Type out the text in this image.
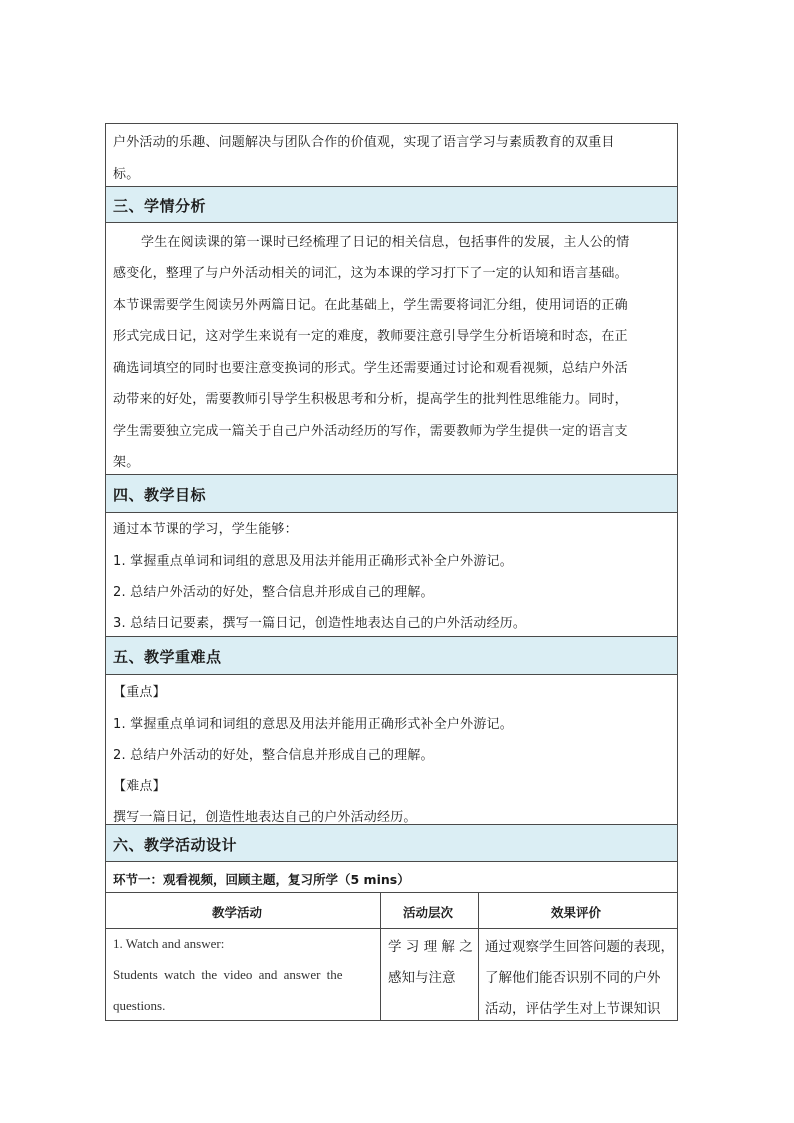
户外活动的乐趣、问题解决与团队合作的价值观，实现了语言学习与素质教育的双重目
标。
三、学情分析
学生在阅读课的第一课时已经梳理了日记的相关信息，包括事件的发展，主人公的情
感变化，整理了与户外活动相关的词汇，这为本课的学习打下了一定的认知和语言基础。
本节课需要学生阅读另外两篇日记。在此基础上，学生需要将词汇分组，使用词语的正确
形式完成日记，这对学生来说有一定的难度，教师要注意引导学生分析语境和时态，在正
确选词填空的同时也要注意变换词的形式。学生还需要通过讨论和观看视频，总结户外活
动带来的好处，需要教师引导学生积极思考和分析，提高学生的批判性思维能力。同时，
学生需要独立完成一篇关于自己户外活动经历的写作，需要教师为学生提供一定的语言支
架。
四、教学目标
通过本节课的学习，学生能够：
1. 掌握重点单词和词组的意思及用法并能用正确形式补全户外游记。
2. 总结户外活动的好处，整合信息并形成自己的理解。
3. 总结日记要素，撰写一篇日记，创造性地表达自己的户外活动经历。
五、教学重难点
【重点】
1. 掌握重点单词和词组的意思及用法并能用正确形式补全户外游记。
2. 总结户外活动的好处，整合信息并形成自己的理解。
【难点】
撰写一篇日记，创造性地表达自己的户外活动经历。
六、教学活动设计
环节一：观看视频，回顾主题，复习所学（5 mins）
教学活动	活动层次	效果评价
1. Watch and answer:
Students watch the video and answer the
questions.
学 习 理 解 之
感知与注意
通过观察学生回答问题的表现，
了解他们能否识别不同的户外
活动，评估学生对上节课知识
